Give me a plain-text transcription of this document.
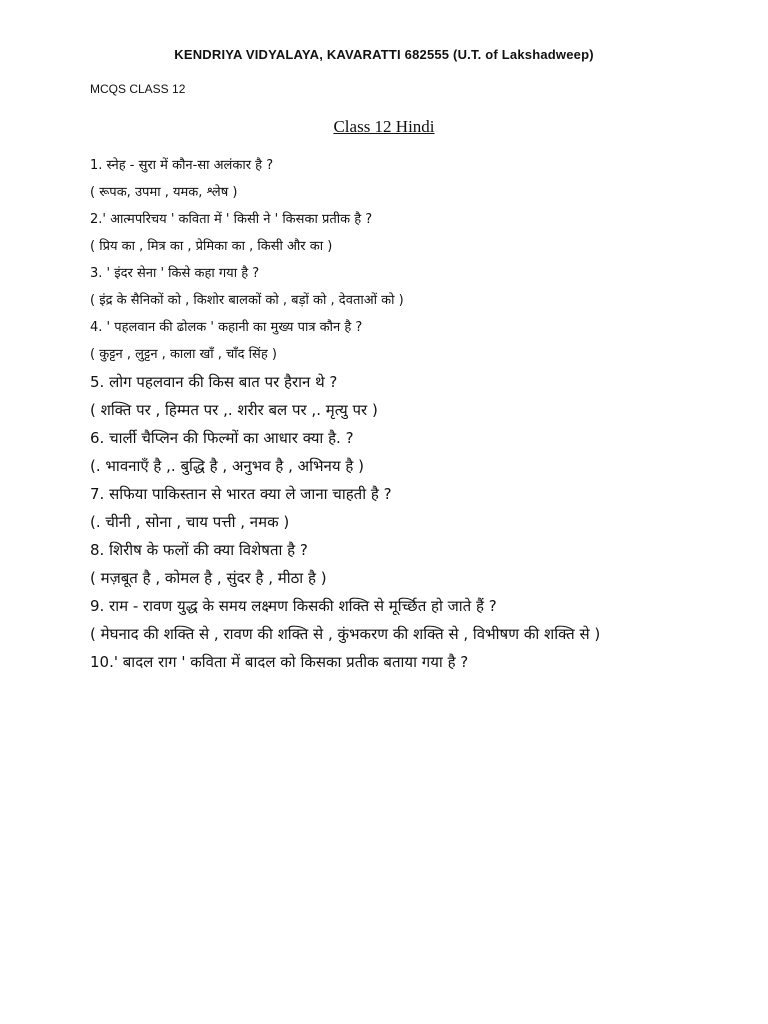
KENDRIYA VIDYALAYA, KAVARATTI 682555 (U.T. of Lakshadweep)
MCQS CLASS 12
Class 12 Hindi
1. स्नेह - सुरा में कौन-सा अलंकार है ?
( रूपक, उपमा , यमक, श्लेष )
2.' आत्मपरिचय ' कविता में ' किसी ने ' किसका प्रतीक है ?
( प्रिय का , मित्र का , प्रेमिका का , किसी और का )
3. ' इंदर सेना ' किसे कहा गया है ?
( इंद्र के सैनिकों को , किशोर बालकों को , बड़ों को , देवताओं को )
4. ' पहलवान की ढोलक ' कहानी का मुख्य पात्र कौन है ?
( कुट्टन , लुट्टन , काला खाँ , चाँद सिंह )
5. लोग पहलवान की किस बात पर हैरान थे ?
( शक्ति पर , हिम्मत पर ,. शरीर बल पर ,. मृत्यु पर )
6. चार्ली चैप्लिन की फिल्मों का आधार क्या है. ?
(. भावनाएँ है ,. बुद्धि है , अनुभव है , अभिनय है )
7. सफिया पाकिस्तान से भारत क्या ले जाना चाहती है ?
(. चीनी , सोना , चाय पत्ती , नमक )
8. शिरीष के फलों की क्या विशेषता है ?
( मज़बूत है , कोमल है , सुंदर है , मीठा है )
9. राम - रावण युद्ध के समय लक्ष्मण किसकी शक्ति से मूर्च्छित हो जाते हैं ?
( मेघनाद की शक्ति से , रावण की शक्ति से , कुंभकरण की शक्ति से , विभीषण की शक्ति से )
10.' बादल राग ' कविता में बादल को किसका प्रतीक बताया गया है ?
